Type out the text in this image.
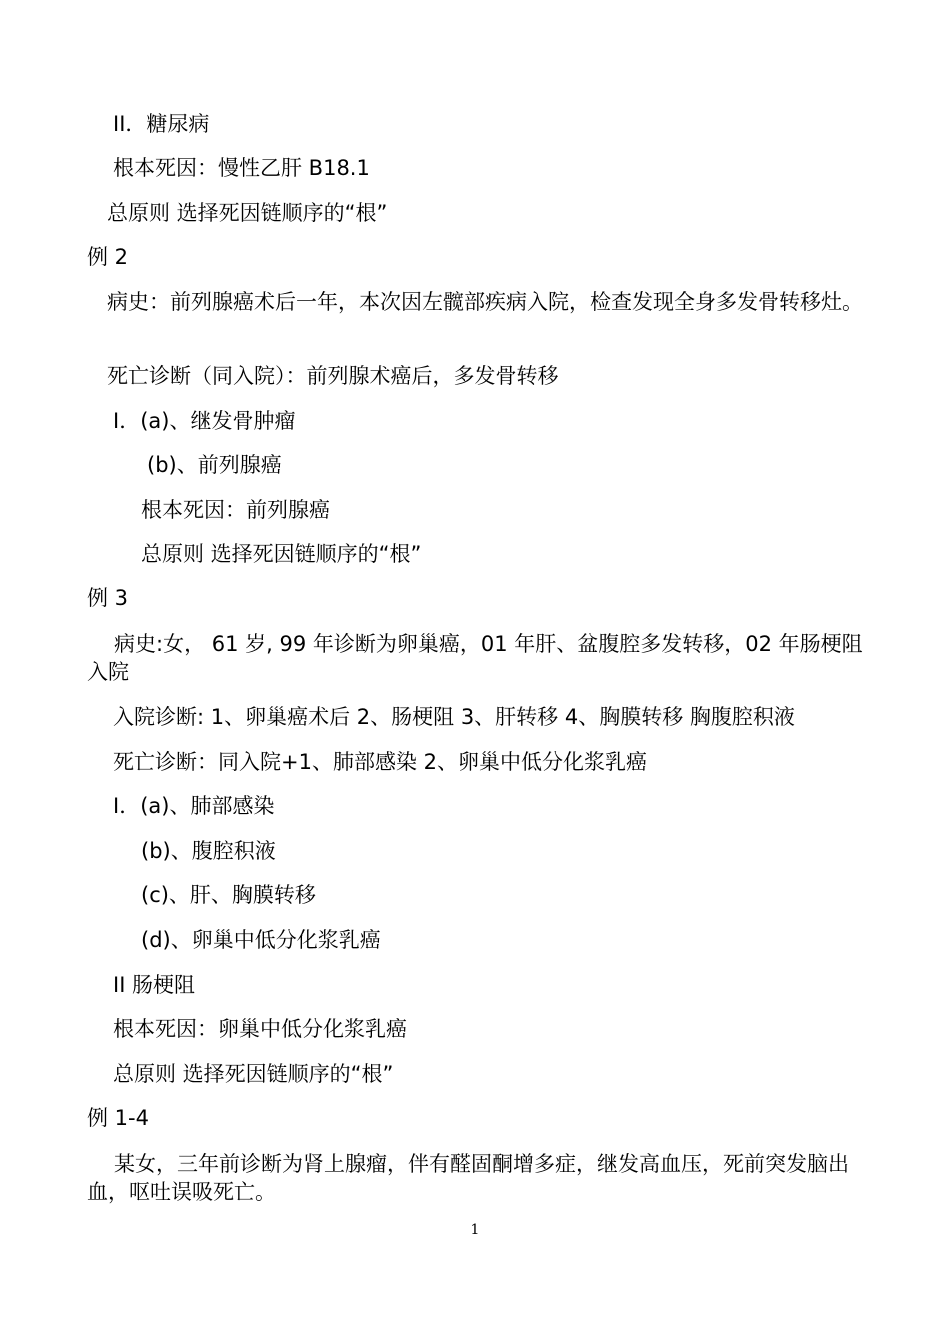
II．糖尿病

根本死因：慢性乙肝 B18.1

总原则 选择死因链顺序的“根”

例 2

病史：前列腺癌术后一年，本次因左髋部疾病入院，检查发现全身多发骨转移灶。

死亡诊断（同入院）：前列腺术癌后，多发骨转移

I．(a)、继发骨肿瘤

(b)、前列腺癌

根本死因：前列腺癌

总原则 选择死因链顺序的“根”

例 3

病史:女， 61 岁, 99 年诊断为卵巢癌，01 年肝、盆腹腔多发转移，02 年肠梗阻入院

入院诊断: 1、卵巢癌术后 2、肠梗阻 3、肝转移 4、胸膜转移 胸腹腔积液

死亡诊断：同入院+1、肺部感染 2、卵巢中低分化浆乳癌

I．(a)、肺部感染

(b)、腹腔积液

(c)、肝、胸膜转移

(d)、卵巢中低分化浆乳癌

II 肠梗阻

根本死因：卵巢中低分化浆乳癌

总原则 选择死因链顺序的“根”

例 1-4

某女，三年前诊断为肾上腺瘤，伴有醛固酮增多症，继发高血压，死前突发脑出血，呕吐误吸死亡。

1
